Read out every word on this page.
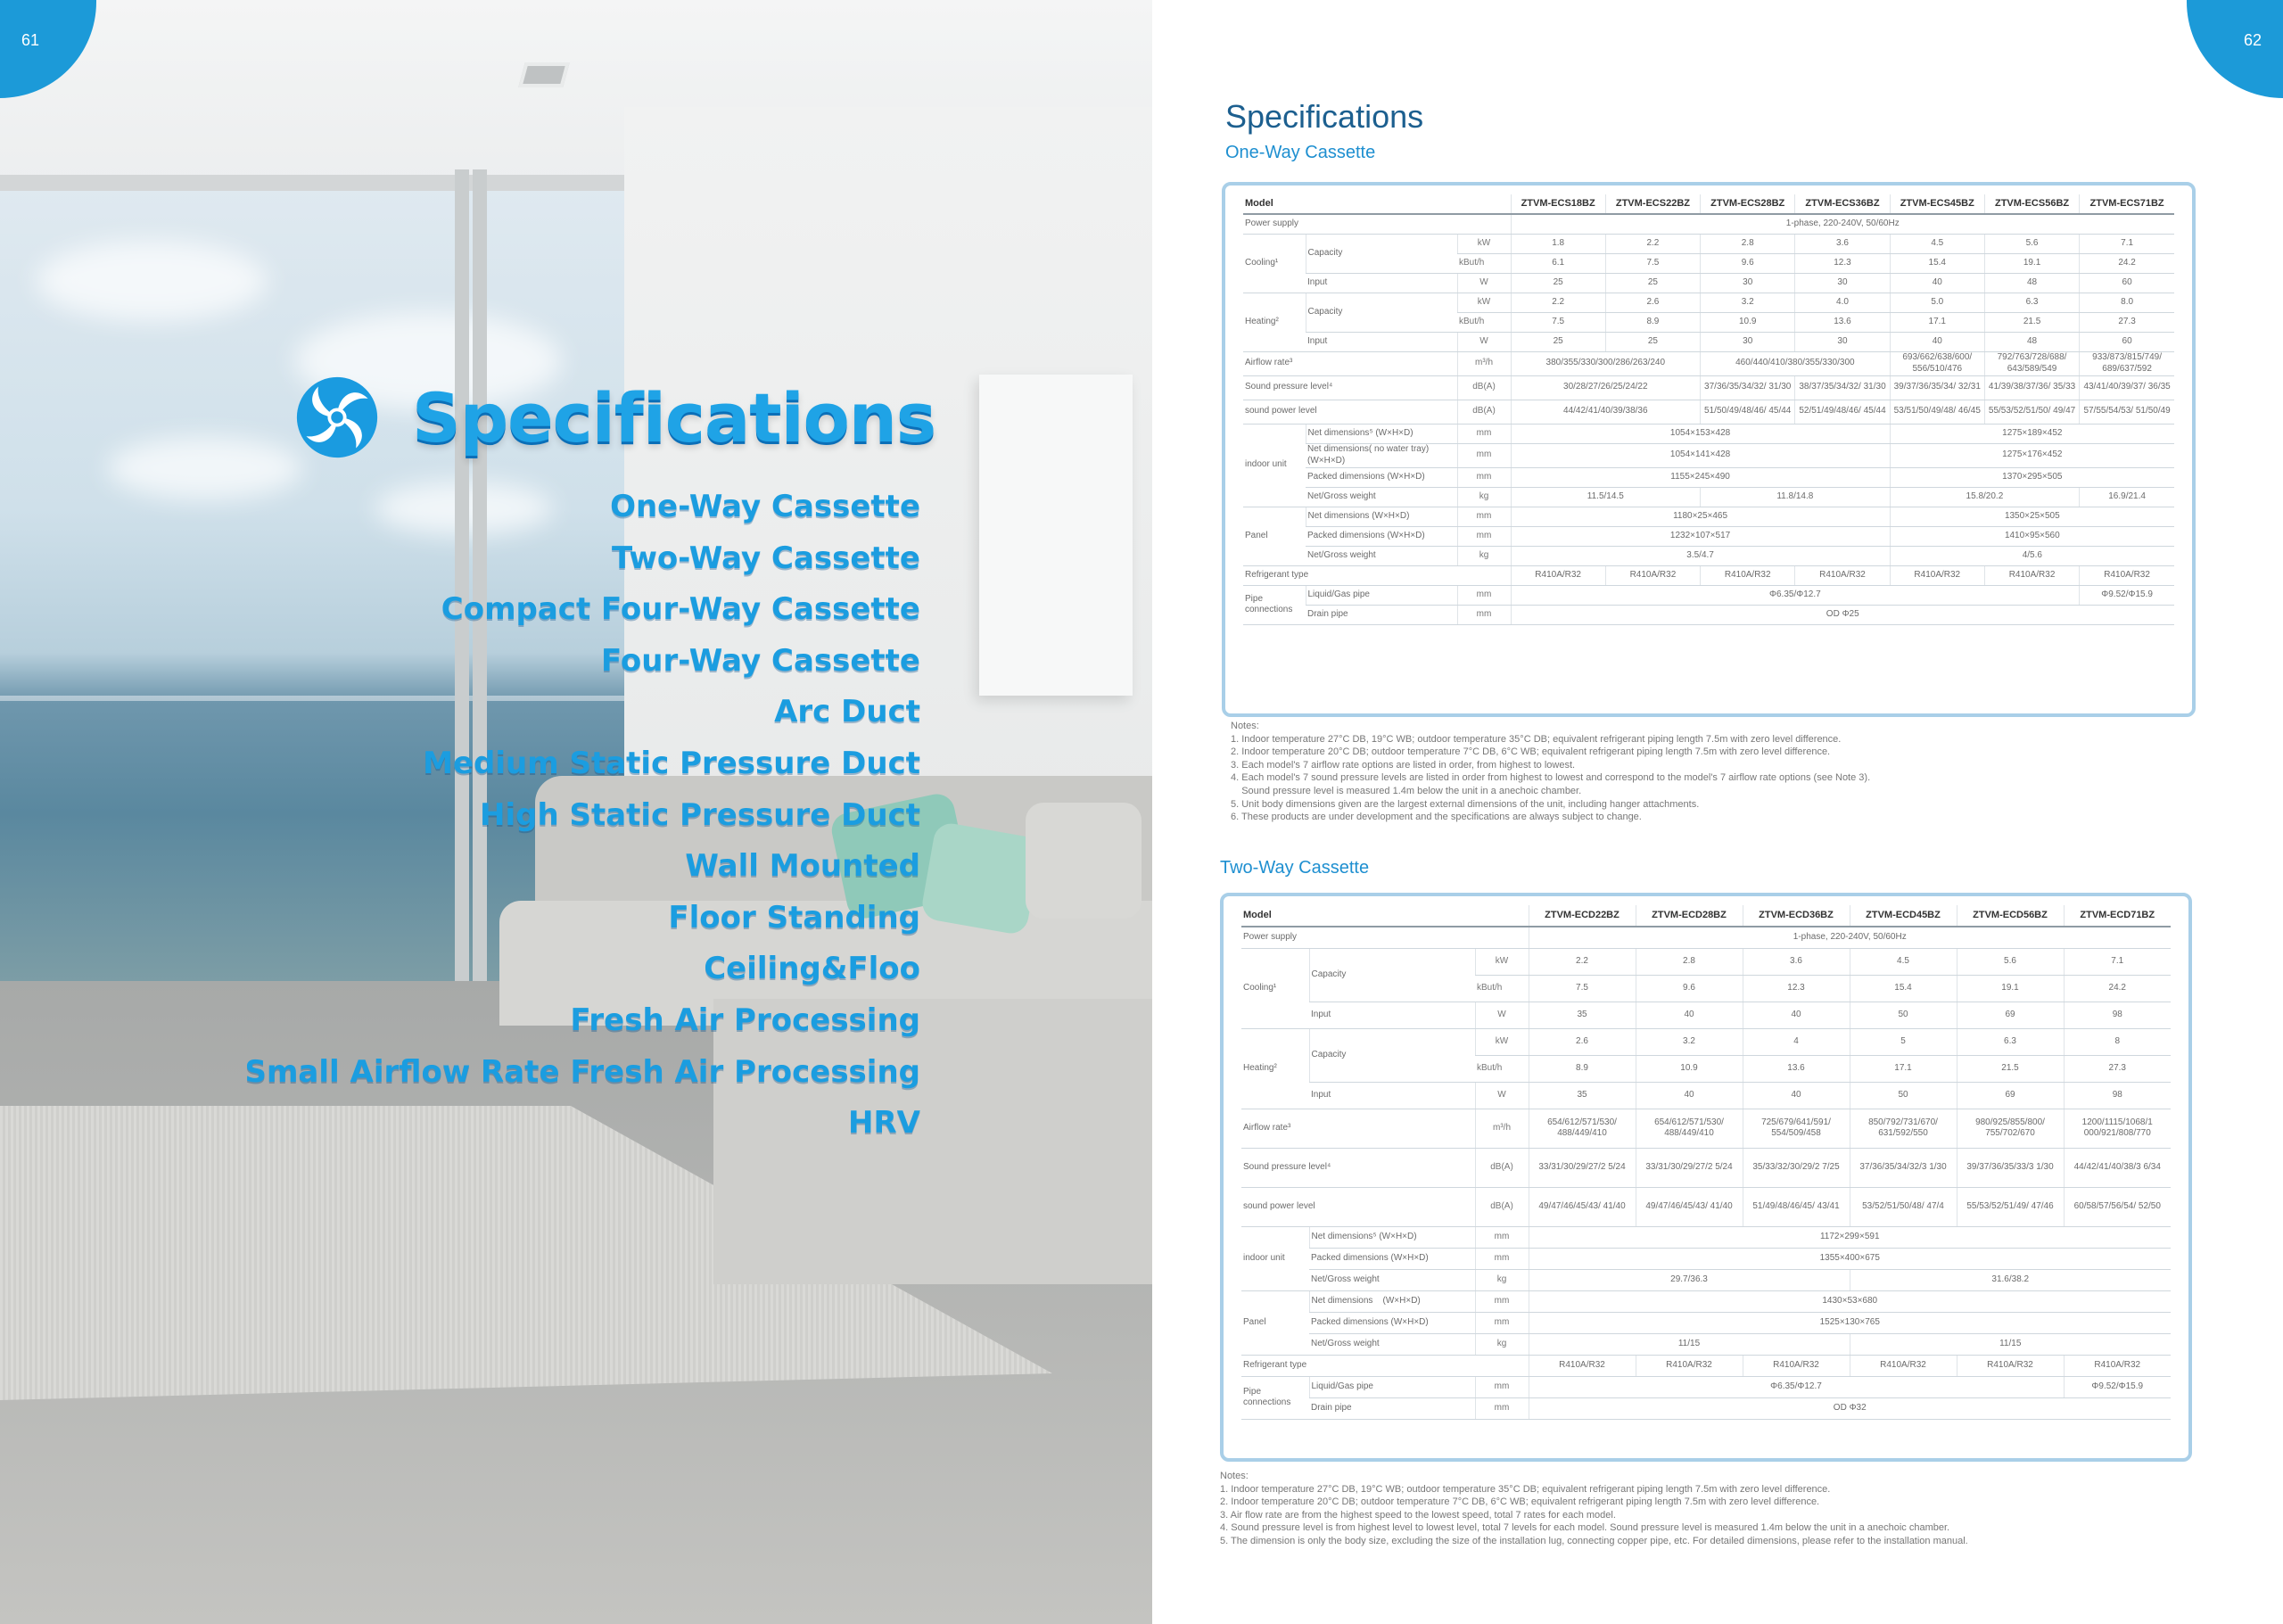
61
Specifications
One-Way Cassette
Two-Way Cassette
Compact Four-Way Cassette
Four-Way Cassette
Arc Duct
Medium Static Pressure Duct
High Static Pressure Duct
Wall Mounted
Floor Standing
Ceiling&Floo
Fresh Air Processing
Small Airflow Rate Fresh Air Processing
HRV
62
Specifications
One-Way Cassette
Model			ZTVM-ECS18BZ	ZTVM-ECS22BZ	ZTVM-ECS28BZ	ZTVM-ECS36BZ	ZTVM-ECS45BZ	ZTVM-ECS56BZ	ZTVM-ECS71BZ
Power supply			1-phase, 220-240V, 50/60Hz						
Cooling¹	Capacity	kW	1.8	2.2	2.8	3.6	4.5	5.6	7.1
		kBut/h	6.1	7.5	9.6	12.3	15.4	19.1	24.2
	Input	W	25	25	30	30	40	48	60
Heating²	Capacity	kW	2.2	2.6	3.2	4.0	5.0	6.3	8.0
		kBut/h	7.5	8.9	10.9	13.6	17.1	21.5	27.3
	Input	W	25	25	30	30	40	48	60
Airflow rate³		m³/h	380/355/330/300/286/263/240		460/440/410/380/355/330/300		693/662/638/600/ 556/510/476	792/763/728/688/ 643/589/549	933/873/815/749/ 689/637/592
Sound pressure level⁴		dB(A)	30/28/27/26/25/24/22		37/36/35/34/32/ 31/30	38/37/35/34/32/ 31/30	39/37/36/35/34/ 32/31	41/39/38/37/36/ 35/33	43/41/40/39/37/ 36/35
sound power level		dB(A)	44/42/41/40/39/38/36		51/50/49/48/46/ 45/44	52/51/49/48/46/ 45/44	53/51/50/49/48/ 46/45	55/53/52/51/50/ 49/47	57/55/54/53/ 51/50/49
indoor unit	Net dimensions⁵ (W×H×D)	mm	1054×153×428				1275×189×452		
	Net dimensions( no water tray)(W×H×D)	mm	1054×141×428				1275×176×452		
	Packed dimensions (W×H×D)	mm	1155×245×490				1370×295×505		
	Net/Gross weight	kg	11.5/14.5		11.8/14.8		15.8/20.2		16.9/21.4
Panel	Net dimensions (W×H×D)	mm	1180×25×465				1350×25×505		
	Packed dimensions (W×H×D)	mm	1232×107×517				1410×95×560		
	Net/Gross weight	kg	3.5/4.7				4/5.6		
Refrigerant type			R410A/R32	R410A/R32	R410A/R32	R410A/R32	R410A/R32	R410A/R32	R410A/R32
Pipe connections	Liquid/Gas pipe	mm	Φ6.35/Φ12.7						Φ9.52/Φ15.9
	Drain pipe	mm	OD Φ25						
Notes:
1. Indoor temperature 27°C DB, 19°C WB; outdoor temperature 35°C DB; equivalent refrigerant piping length 7.5m with zero level difference.
2. Indoor temperature 20°C DB; outdoor temperature 7°C DB, 6°C WB; equivalent refrigerant piping length 7.5m with zero level difference.
3. Each model's 7 airflow rate options are listed in order, from highest to lowest.
4. Each model's 7 sound pressure levels are listed in order from highest to lowest and correspond to the model's 7 airflow rate options (see Note 3).
Sound pressure level is measured 1.4m below the unit in a anechoic chamber.
5. Unit body dimensions given are the largest external dimensions of the unit, including hanger attachments.
6. These products are under development and the specifications are always subject to change.
Two-Way Cassette
Model			ZTVM-ECD22BZ	ZTVM-ECD28BZ	ZTVM-ECD36BZ	ZTVM-ECD45BZ	ZTVM-ECD56BZ	ZTVM-ECD71BZ
Power supply			1-phase, 220-240V, 50/60Hz					
Cooling¹	Capacity	kW	2.2	2.8	3.6	4.5	5.6	7.1
		kBut/h	7.5	9.6	12.3	15.4	19.1	24.2
	Input	W	35	40	40	50	69	98
Heating²	Capacity	kW	2.6	3.2	4	5	6.3	8
		kBut/h	8.9	10.9	13.6	17.1	21.5	27.3
	Input	W	35	40	40	50	69	98
Airflow rate³		m³/h	654/612/571/530/ 488/449/410	654/612/571/530/ 488/449/410	725/679/641/591/ 554/509/458	850/792/731/670/ 631/592/550	980/925/855/800/ 755/702/670	1200/1115/1068/1 000/921/808/770
Sound pressure level⁴		dB(A)	33/31/30/29/27/2 5/24	33/31/30/29/27/2 5/24	35/33/32/30/29/2 7/25	37/36/35/34/32/3 1/30	39/37/36/35/33/3 1/30	44/42/41/40/38/3 6/34
sound power level		dB(A)	49/47/46/45/43/ 41/40	49/47/46/45/43/ 41/40	51/49/48/46/45/ 43/41	53/52/51/50/48/ 47/4	55/53/52/51/49/ 47/46	60/58/57/56/54/ 52/50
indoor unit	Net dimensions⁵ (W×H×D)	mm	1172×299×591					
	Packed dimensions (W×H×D)	mm	1355×400×675					
	Net/Gross weight	kg	29.7/36.3			31.6/38.2		
Panel	Net dimensions    (W×H×D)	mm	1430×53×680					
	Packed dimensions (W×H×D)	mm	1525×130×765					
	Net/Gross weight	kg	11/15			11/15		
Refrigerant type			R410A/R32	R410A/R32	R410A/R32	R410A/R32	R410A/R32	R410A/R32
Pipe connections	Liquid/Gas pipe	mm	Φ6.35/Φ12.7					Φ9.52/Φ15.9
	Drain pipe	mm	OD Φ32					
Notes:
1. Indoor temperature 27°C DB, 19°C WB; outdoor temperature 35°C DB; equivalent refrigerant piping length 7.5m with zero level difference.
2. Indoor temperature 20°C DB; outdoor temperature 7°C DB, 6°C WB; equivalent refrigerant piping length 7.5m with zero level difference.
3. Air flow rate are from the highest speed to the lowest speed, total 7 rates for each model.
4. Sound pressure level is from highest level to lowest level, total 7 levels for each model. Sound pressure level is measured 1.4m below the unit in a anechoic chamber.
5. The dimension is only the body size, excluding the size of the installation lug, connecting copper pipe, etc. For detailed dimensions, please refer to the installation manual.
